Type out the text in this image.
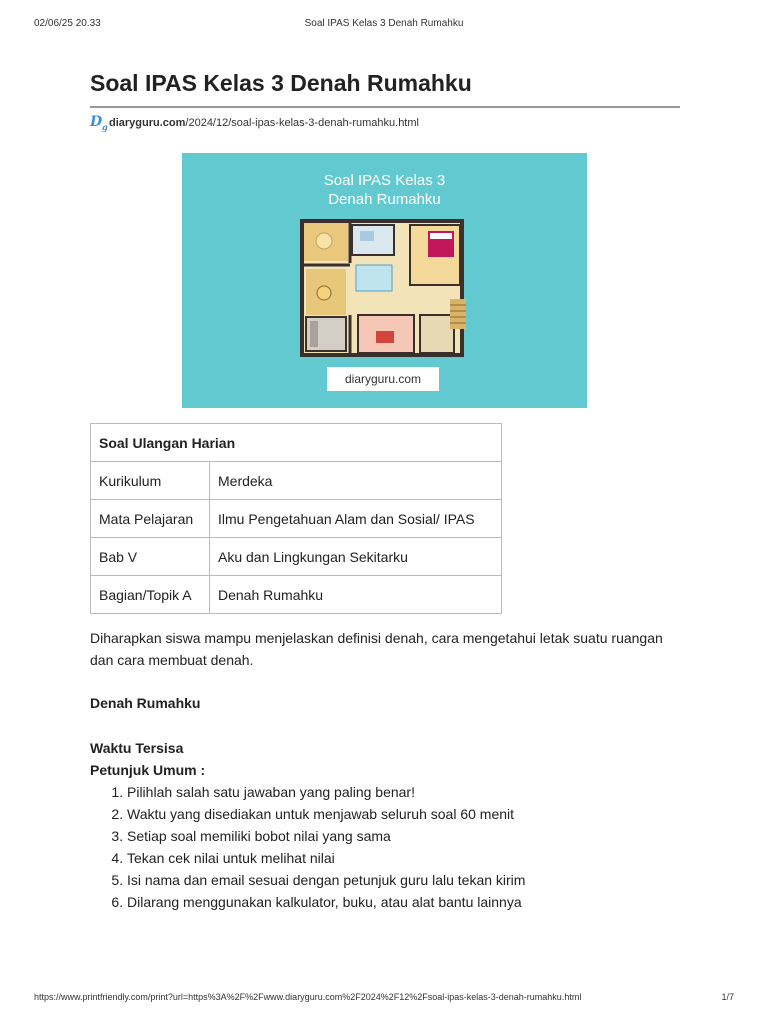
02/06/25 20.33	Soal IPAS Kelas 3 Denah Rumahku
Soal IPAS Kelas 3 Denah Rumahku
$D_g$ diaryguru.com/2024/12/soal-ipas-kelas-3-denah-rumahku.html
Soal IPAS Kelas 3
Denah Rumahku
diaryguru.com
Soal Ulangan Harian	
Kurikulum	Merdeka
Mata Pelajaran	Ilmu Pengetahuan Alam dan Sosial/ IPAS
Bab V	Aku dan Lingkungan Sekitarku
Bagian/Topik A	Denah Rumahku

Diharapkan siswa mampu menjelaskan definisi denah, cara mengetahui letak suatu ruangan dan cara membuat denah.

Denah Rumahku

Waktu Tersisa

Petunjuk Umum :

1. Pilihlah salah satu jawaban yang paling benar!
2. Waktu yang disediakan untuk menjawab seluruh soal 60 menit
3. Setiap soal memiliki bobot nilai yang sama
4. Tekan cek nilai untuk melihat nilai
5. Isi nama dan email sesuai dengan petunjuk guru lalu tekan kirim
6. Dilarang menggunakan kalkulator, buku, atau alat bantu lainnya
https://www.printfriendly.com/print?url=https%3A%2F%2Fwww.diaryguru.com%2F2024%2F12%2Fsoal-ipas-kelas-3-denah-rumahku.html	1/7
